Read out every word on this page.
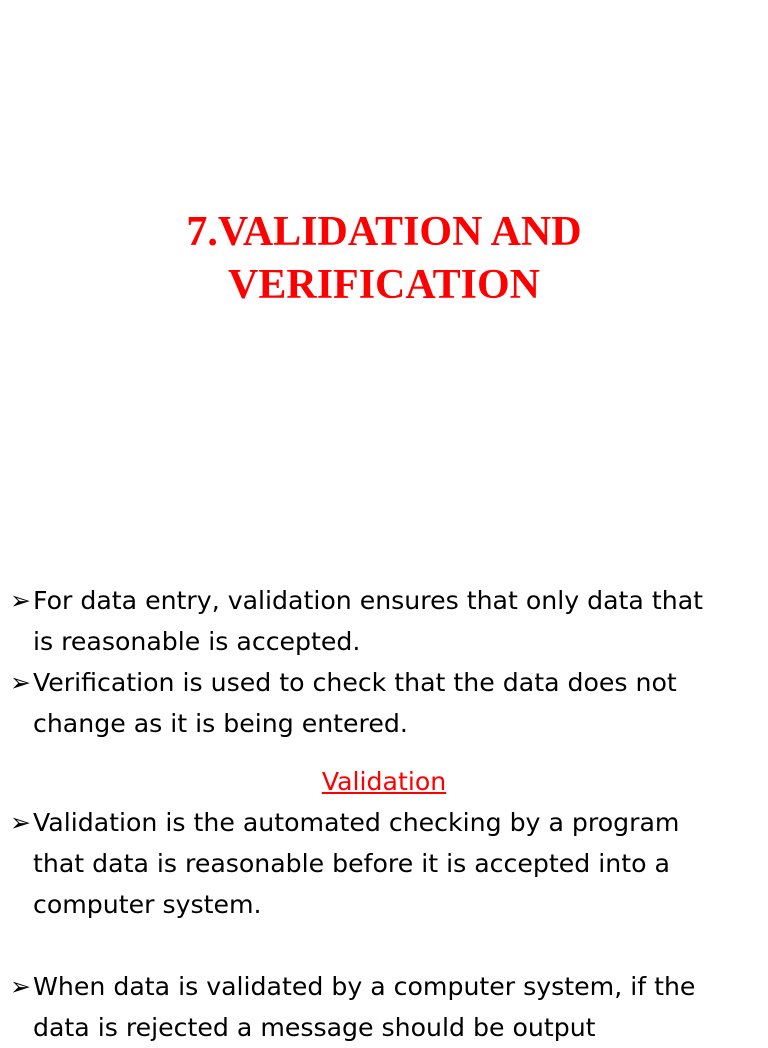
7.VALIDATION AND
VERIFICATION
➢ For data entry, validation ensures that only data that
is reasonable is accepted.
➢ Verification is used to check that the data does not
change as it is being entered.
Validation
➢ Validation is the automated checking by a program
that data is reasonable before it is accepted into a
computer system.
➢ When data is validated by a computer system, if the
data is rejected a message should be output
